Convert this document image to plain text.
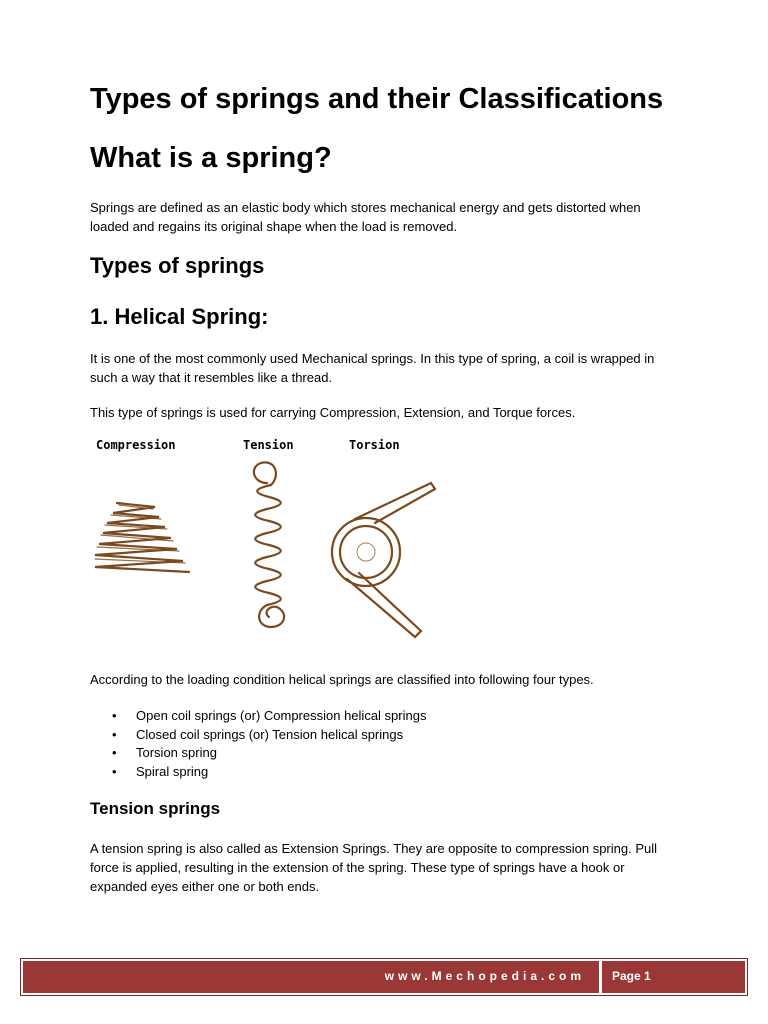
Types of springs and their Classifications
What is a spring?

Springs are defined as an elastic body which stores mechanical energy and gets distorted when loaded and regains its original shape when the load is removed.

Types of springs
1. Helical Spring:

It is one of the most commonly used Mechanical springs. In this type of spring, a coil is wrapped in such a way that it resembles like a thread.

This type of springs is used for carrying Compression, Extension, and Torque forces.

Compression	Tension	Torsion

According to the loading condition helical springs are classified into following four types.

• Open coil springs (or) Compression helical springs
• Closed coil springs (or) Tension helical springs
• Torsion spring
• Spiral spring
Tension springs

A tension spring is also called as Extension Springs. They are opposite to compression spring. Pull force is applied, resulting in the extension of the spring. These type of springs have a hook or expanded eyes either one or both ends.

www.Mechopedia.com	Page 1
